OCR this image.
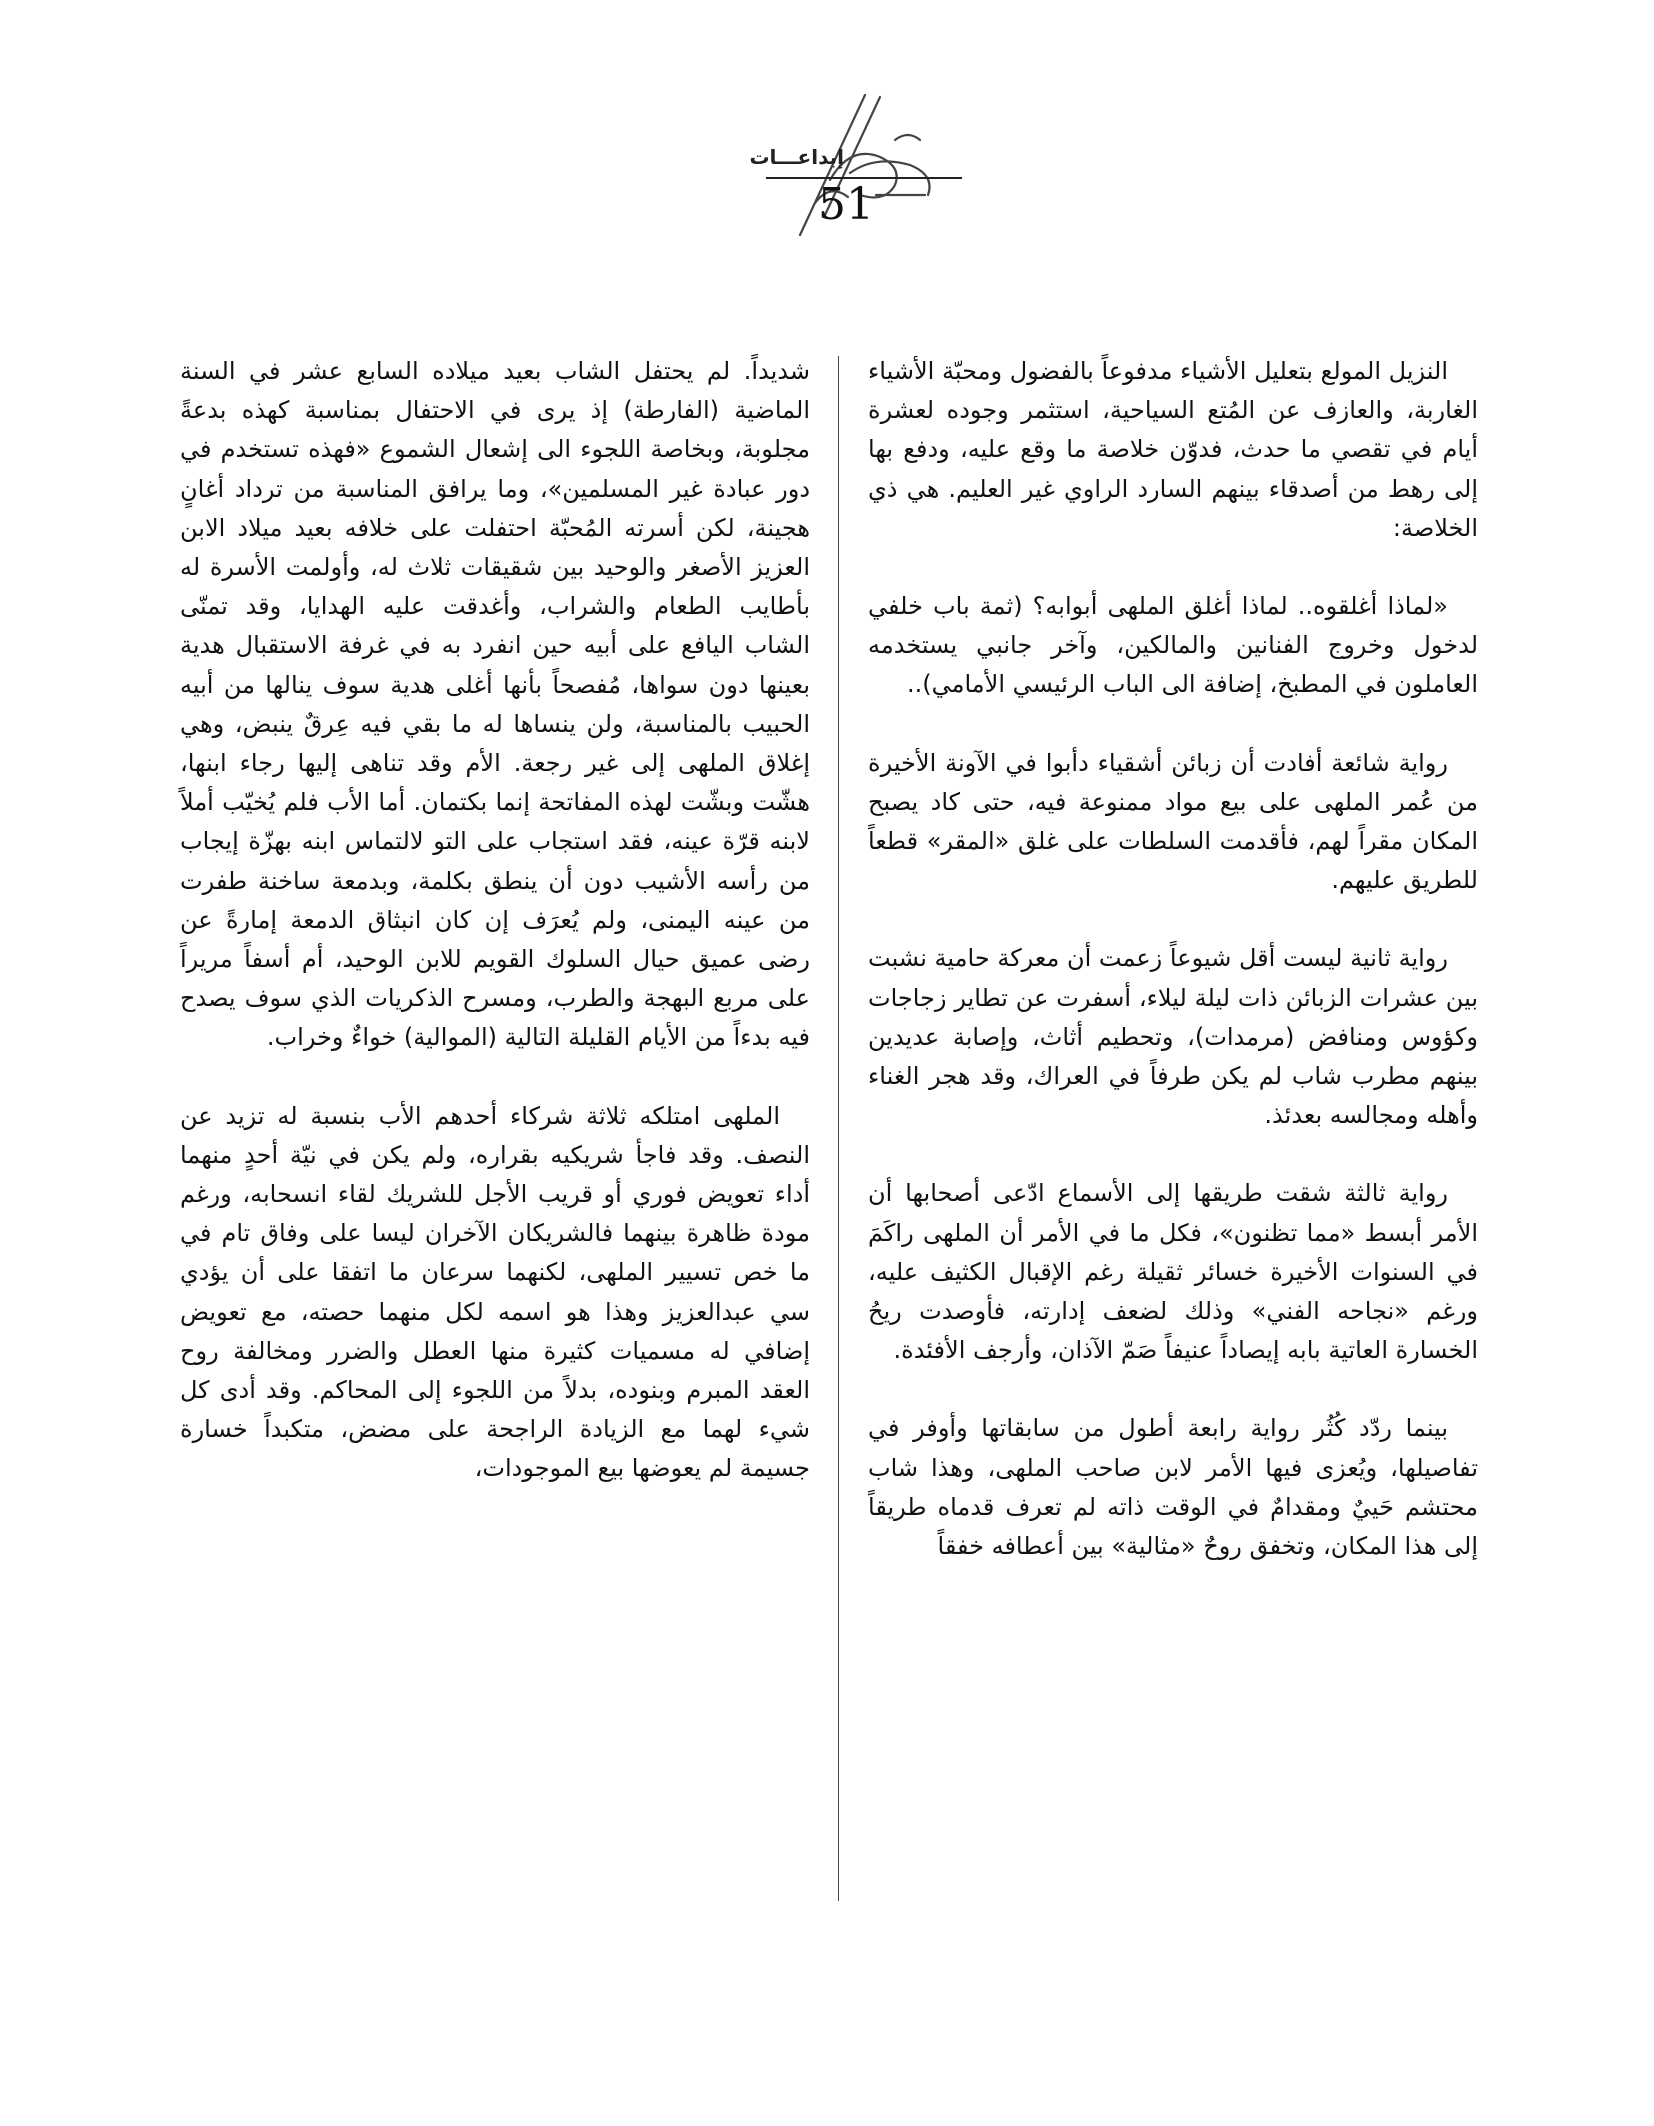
إبداعـــات
51

النزيل المولع بتعليل الأشياء مدفوعاً بالفضول ومحبّة الأشياء الغاربة، والعازف عن المُتع السياحية، استثمر وجوده لعشرة أيام في تقصي ما حدث، فدوّن خلاصة ما وقع عليه، ودفع بها إلى رهط من أصدقاء بينهم السارد الراوي غير العليم. هي ذي الخلاصة:

«لماذا أغلقوه.. لماذا أغلق الملهى أبوابه؟ (ثمة باب خلفي لدخول وخروج الفنانين والمالكين، وآخر جانبي يستخدمه العاملون في المطبخ، إضافة الى الباب الرئيسي الأمامي)..

رواية شائعة أفادت أن زبائن أشقياء دأبوا في الآونة الأخيرة من عُمر الملهى على بيع مواد ممنوعة فيه، حتى كاد يصبح المكان مقراً لهم، فأقدمت السلطات على غلق «المقر» قطعاً للطريق عليهم.

رواية ثانية ليست أقل شيوعاً زعمت أن معركة حامية نشبت بين عشرات الزبائن ذات ليلة ليلاء، أسفرت عن تطاير زجاجات وكؤوس ومنافض (مرمدات)، وتحطيم أثاث، وإصابة عديدين بينهم مطرب شاب لم يكن طرفاً في العراك، وقد هجر الغناء وأهله ومجالسه بعدئذ.

رواية ثالثة شقت طريقها إلى الأسماع ادّعى أصحابها أن الأمر أبسط «مما تظنون»، فكل ما في الأمر أن الملهى راكَمَ في السنوات الأخيرة خسائر ثقيلة رغم الإقبال الكثيف عليه، ورغم «نجاحه الفني» وذلك لضعف إدارته، فأوصدت ريحُ الخسارة العاتية بابه إيصاداً عنيفاً صَمّ الآذان، وأرجف الأفئدة.

بينما ردّد كُثُر رواية رابعة أطول من سابقاتها وأوفر في تفاصيلها، ويُعزى فيها الأمر لابن صاحب الملهى، وهذا شاب محتشم حَييٌ ومقدامٌ في الوقت ذاته لم تعرف قدماه طريقاً إلى هذا المكان، وتخفق روحٌ «مثالية» بين أعطافه خفقاً

شديداً. لم يحتفل الشاب بعيد ميلاده السابع عشر في السنة الماضية (الفارطة) إذ يرى في الاحتفال بمناسبة كهذه بدعةً مجلوبة، وبخاصة اللجوء الى إشعال الشموع «فهذه تستخدم في دور عبادة غير المسلمين»، وما يرافق المناسبة من ترداد أغانٍ هجينة، لكن أسرته المُحبّة احتفلت على خلافه بعيد ميلاد الابن العزيز الأصغر والوحيد بين شقيقات ثلاث له، وأولمت الأسرة له بأطايب الطعام والشراب، وأغدقت عليه الهدايا، وقد تمنّى الشاب اليافع على أبيه حين انفرد به في غرفة الاستقبال هدية بعينها دون سواها، مُفصحاً بأنها أغلى هدية سوف ينالها من أبيه الحبيب بالمناسبة، ولن ينساها له ما بقي فيه عِرقٌ ينبض، وهي إغلاق الملهى إلى غير رجعة. الأم وقد تناهى إليها رجاء ابنها، هشّت وبشّت لهذه المفاتحة إنما بكتمان. أما الأب فلم يُخيّب أملاً لابنه قرّة عينه، فقد استجاب على التو لالتماس ابنه بهزّة إيجاب من رأسه الأشيب دون أن ينطق بكلمة، وبدمعة ساخنة طفرت من عينه اليمنى، ولم يُعرَف إن كان انبثاق الدمعة إمارةً عن رضى عميق حيال السلوك القويم للابن الوحيد، أم أسفاً مريراً على مربع البهجة والطرب، ومسرح الذكريات الذي سوف يصدح فيه بدءاً من الأيام القليلة التالية (الموالية) خواءٌ وخراب.

الملهى امتلكه ثلاثة شركاء أحدهم الأب بنسبة له تزيد عن النصف. وقد فاجأ شريكيه بقراره، ولم يكن في نيّة أحدٍ منهما أداء تعويض فوري أو قريب الأجل للشريك لقاء انسحابه، ورغم مودة ظاهرة بينهما فالشريكان الآخران ليسا على وفاق تام في ما خص تسيير الملهى، لكنهما سرعان ما اتفقا على أن يؤدي سي عبدالعزيز وهذا هو اسمه لكل منهما حصته، مع تعويض إضافي له مسميات كثيرة منها العطل والضرر ومخالفة روح العقد المبرم وبنوده، بدلاً من اللجوء إلى المحاكم. وقد أدى كل شيء لهما مع الزيادة الراجحة على مضض، متكبداً خسارة جسيمة لم يعوضها بيع الموجودات،
